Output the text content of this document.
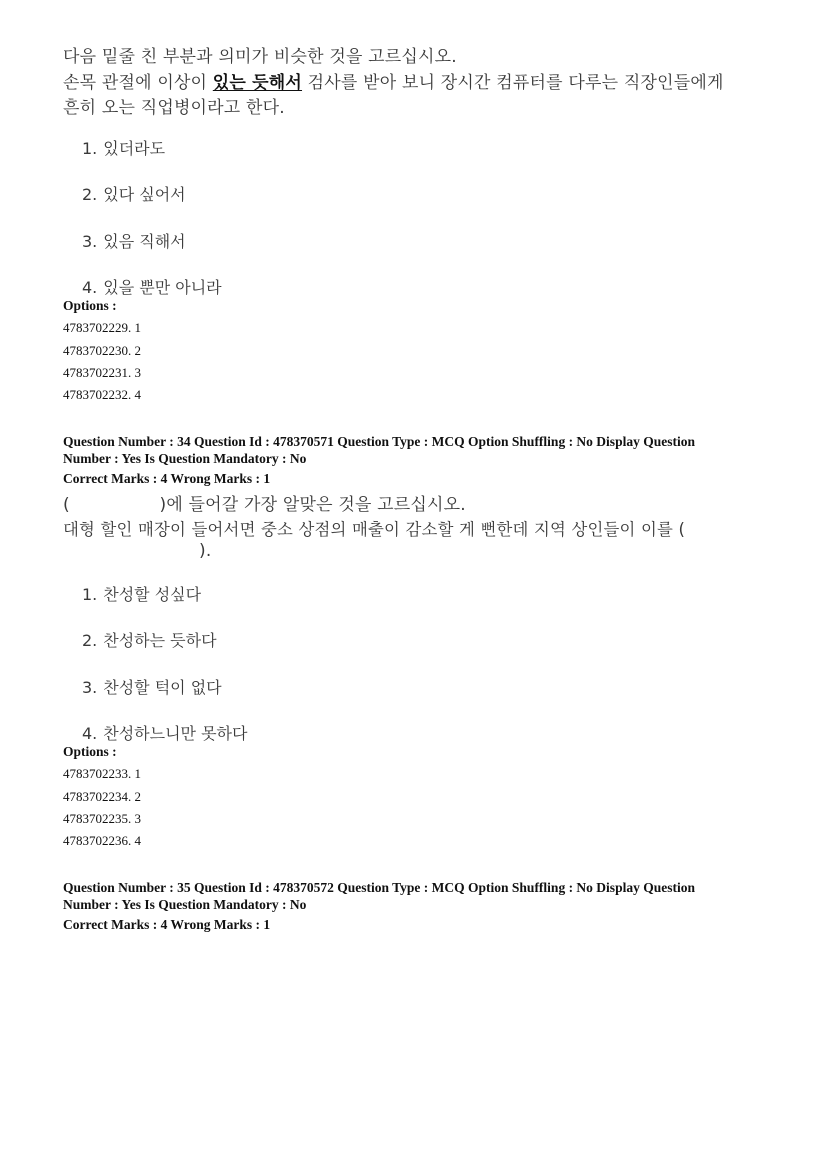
다음 밑줄 친 부분과 의미가 비슷한 것을 고르십시오.
손목 관절에 이상이 있는 듯해서 검사를 받아 보니 장시간 컴퓨터를 다루는 직장인들에게
흔히 오는 직업병이라고 한다.
1. 있더라도
2. 있다 싶어서
3. 있음 직해서
4. 있을 뿐만 아니라
Options :
4783702229. 1
4783702230. 2
4783702231. 3
4783702232. 4
Question Number : 34 Question Id : 478370571 Question Type : MCQ Option Shuffling : No Display Question
Number : Yes Is Question Mandatory : No
Correct Marks : 4 Wrong Marks : 1
(                )에 들어갈 가장 알맞은 것을 고르십시오.
대형 할인 매장이 들어서면 중소 상점의 매출이 감소할 게 뻔한데 지역 상인들이 이를 (
).
1. 찬성할 성싶다
2. 찬성하는 듯하다
3. 찬성할 턱이 없다
4. 찬성하느니만 못하다
Options :
4783702233. 1
4783702234. 2
4783702235. 3
4783702236. 4
Question Number : 35 Question Id : 478370572 Question Type : MCQ Option Shuffling : No Display Question
Number : Yes Is Question Mandatory : No
Correct Marks : 4 Wrong Marks : 1
